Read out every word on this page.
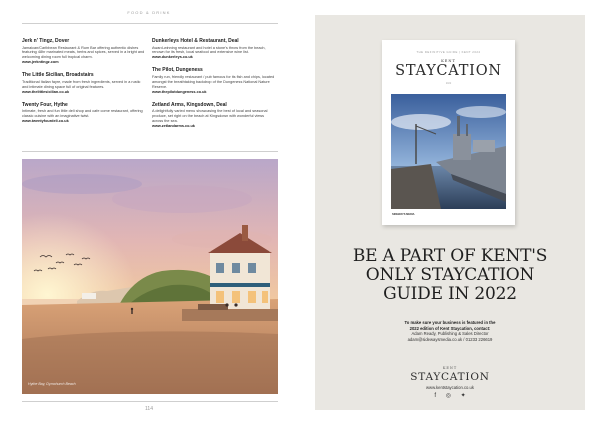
FOOD & DRINK
Jerk n' Tingz, Dover

Jamaican/Caribbean Restaurant & Rum Bar offering authentic dishes featuring 48hr marinated meats, herbs and spices, served in a bright and welcoming dining room full tropical charm.

www.jerkntingz.com
The Little Sicilian, Broadstairs

Traditional Italian fayre, made from fresh ingredients, served in a rustic and intimate dining space full of original features.

www.thelittlesicilian.co.uk
Twenty Four, Hythe

Intimate, fresh and fun little deli shop and cafe come restaurant, offering classic cuisine with an imaginative twist.

www.twentyfourdeli.co.uk
Dunkerleys Hotel & Restaurant, Deal

Award-winning restaurant and hotel a stone's throw from the beach, renown for its fresh, local seafood and extensive wine list.

www.dunkerleys.co.uk
The Pilot, Dungeness

Family run, friendly restaurant / pub famous for its fish and chips, located amongst the breathtaking backdrop of the Dungeness National Nature Reserve.

www.thepilotdungeness.co.uk
Zetland Arms, Kingsdown, Deal

A delightfully varied menu showcasing the best of local and seasonal produce, set right on the beach at Kingsdown with wonderful views across the sea.

www.zetlandarms.co.uk
Hythe Bay, Dymchurch Beach
114
THE DEFINITIVE GUIDE | KENT 2022
KENT
STAYCATION
2022
SIDEWAYS MEDIA
BE A PART OF KENT'S
ONLY STAYCATION
GUIDE IN 2022
To make sure your business is featured in the
2022 edition of Kent Staycation, contact:
Adam Ready, Publishing & Sales Director
adam@sidewaysmedia.co.uk / 01233 226619
KENT
STAYCATION
www.kentstaycation.co.uk
f ◎ ✦
